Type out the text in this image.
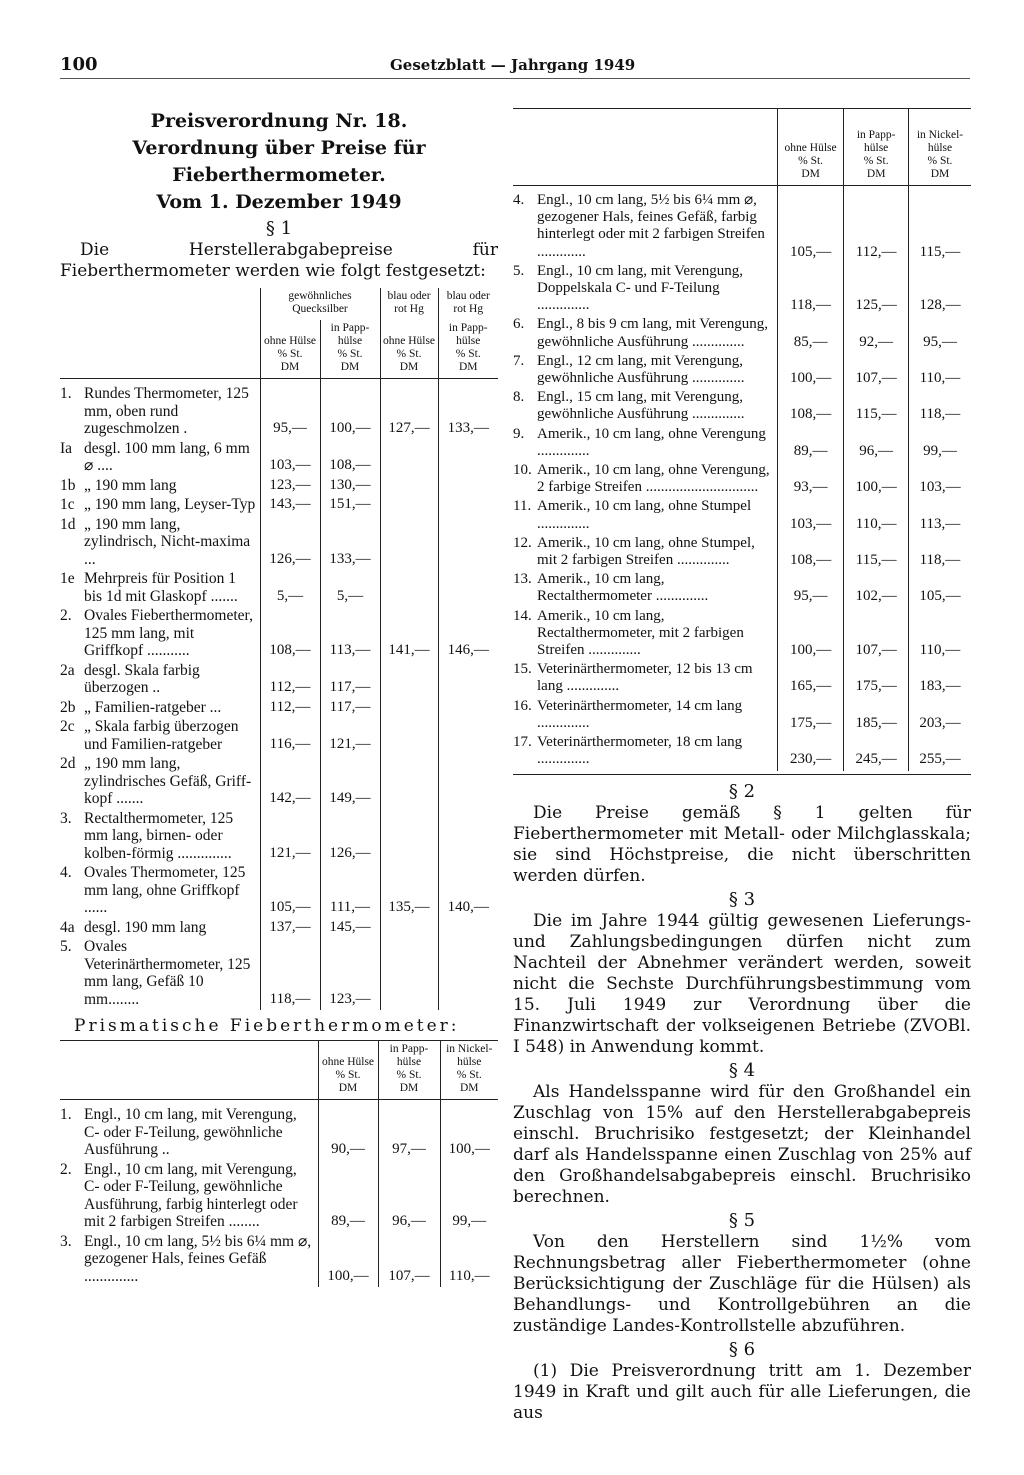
100	Gesetzblatt — Jahrgang 1949
Preisverordnung Nr. 18.
Verordnung über Preise für Fieberthermometer.
Vom 1. Dezember 1949
§ 1
Die Herstellerabgabepreise für Fieberthermometer werden wie folgt festgesetzt:
	gewöhnliches Quecksilber		blau oder rot Hg	blau oder rot Hg
	ohne Hülse
% St.
DM	in Papp-hülse
% St.
DM	ohne Hülse
% St.
DM	in Papp-hülse
% St.
DM

1. Rundes Thermometer, 125 mm, oben rund zugeschmolzen .	95,—	100,—	127,—	133,—

Ia desgl. 100 mm lang, 6 mm ⌀ ....	103,—	108,—		

1b „ 190 mm lang	123,—	130,—		

1c „ 190 mm lang, Leyser-Typ	143,—	151,—		

1d „ 190 mm lang, zylindrisch, Nicht-maxima ...	126,—	133,—		

1e Mehrpreis für Position 1 bis 1d mit Glaskopf .......	5,—	5,—		

2. Ovales Fieberthermometer, 125 mm lang, mit Griffkopf ...........	108,—	113,—	141,—	146,—

2a desgl. Skala farbig überzogen ..	112,—	117,—		

2b „ Familien-ratgeber ...	112,—	117,—		

2c „ Skala farbig überzogen und Familien-ratgeber	116,—	121,—		

2d „ 190 mm lang, zylindrisches Gefäß, Griff-kopf .......	142,—	149,—		

3. Rectalthermometer, 125 mm lang, birnen- oder kolben-förmig ..............	121,—	126,—		

4. Ovales Thermometer, 125 mm lang, ohne Griffkopf ......	105,—	111,—	135,—	140,—

4a desgl. 190 mm lang	137,—	145,—		

5. Ovales Veterinärthermometer, 125 mm lang, Gefäß 10 mm........	118,—	123,—		
Prismatische Fieberthermometer:
	ohne Hülse
% St.
DM	in Papp-hülse
% St.
DM	in Nickel-hülse
% St.
DM

1. Engl., 10 cm lang, mit Verengung, C- oder F-Teilung, gewöhnliche Ausführung ..	90,—	97,—	100,—

2. Engl., 10 cm lang, mit Verengung, C- oder F-Teilung, gewöhnliche Ausführung, farbig hinterlegt oder mit 2 farbigen Streifen ........	89,—	96,—	99,—

3. Engl., 10 cm lang, 5½ bis 6¼ mm ⌀, gezogener Hals, feines Gefäß ..............	100,—	107,—	110,—
	ohne Hülse
% St.
DM	in Papp-hülse
% St.
DM	in Nickel-hülse
% St.
DM

4. Engl., 10 cm lang, 5½ bis 6¼ mm ⌀, gezogener Hals, feines Gefäß, farbig hinterlegt oder mit 2 farbigen Streifen .............	105,—	112,—	115,—

5. Engl., 10 cm lang, mit Verengung, Doppelskala C- und F-Teilung ..............	118,—	125,—	128,—

6. Engl., 8 bis 9 cm lang, mit Verengung, gewöhnliche Ausführung ..............	85,—	92,—	95,—

7. Engl., 12 cm lang, mit Verengung, gewöhnliche Ausführung ..............	100,—	107,—	110,—

8. Engl., 15 cm lang, mit Verengung, gewöhnliche Ausführung ..............	108,—	115,—	118,—

9. Amerik., 10 cm lang, ohne Verengung ..............	89,—	96,—	99,—

10. Amerik., 10 cm lang, ohne Verengung, 2 farbige Streifen ..............................	93,—	100,—	103,—

11. Amerik., 10 cm lang, ohne Stumpel ..............	103,—	110,—	113,—

12. Amerik., 10 cm lang, ohne Stumpel, mit 2 farbigen Streifen ..............	108,—	115,—	118,—

13. Amerik., 10 cm lang, Rectalthermometer ..............	95,—	102,—	105,—

14. Amerik., 10 cm lang, Rectalthermometer, mit 2 farbigen Streifen ..............	100,—	107,—	110,—

15. Veterinärthermometer, 12 bis 13 cm lang ..............	165,—	175,—	183,—

16. Veterinärthermometer, 14 cm lang ..............	175,—	185,—	203,—

17. Veterinärthermometer, 18 cm lang ..............	230,—	245,—	255,—
§ 2
Die Preise gemäß § 1 gelten für Fieberthermometer mit Metall- oder Milchglasskala; sie sind Höchstpreise, die nicht überschritten werden dürfen.
§ 3
Die im Jahre 1944 gültig gewesenen Lieferungs- und Zahlungsbedingungen dürfen nicht zum Nachteil der Abnehmer verändert werden, soweit nicht die Sechste Durchführungsbestimmung vom 15. Juli 1949 zur Verordnung über die Finanzwirtschaft der volkseigenen Betriebe (ZVOBl. I 548) in Anwendung kommt.
§ 4
Als Handelsspanne wird für den Großhandel ein Zuschlag von 15% auf den Herstellerabgabepreis einschl. Bruchrisiko festgesetzt; der Kleinhandel darf als Handelsspanne einen Zuschlag von 25% auf den Großhandelsabgabepreis einschl. Bruchrisiko berechnen.
§ 5
Von den Herstellern sind 1½% vom Rechnungsbetrag aller Fieberthermometer (ohne Berücksichtigung der Zuschläge für die Hülsen) als Behandlungs- und Kontrollgebühren an die zuständige Landes-Kontrollstelle abzuführen.
§ 6
(1) Die Preisverordnung tritt am 1. Dezember 1949 in Kraft und gilt auch für alle Lieferungen, die aus
